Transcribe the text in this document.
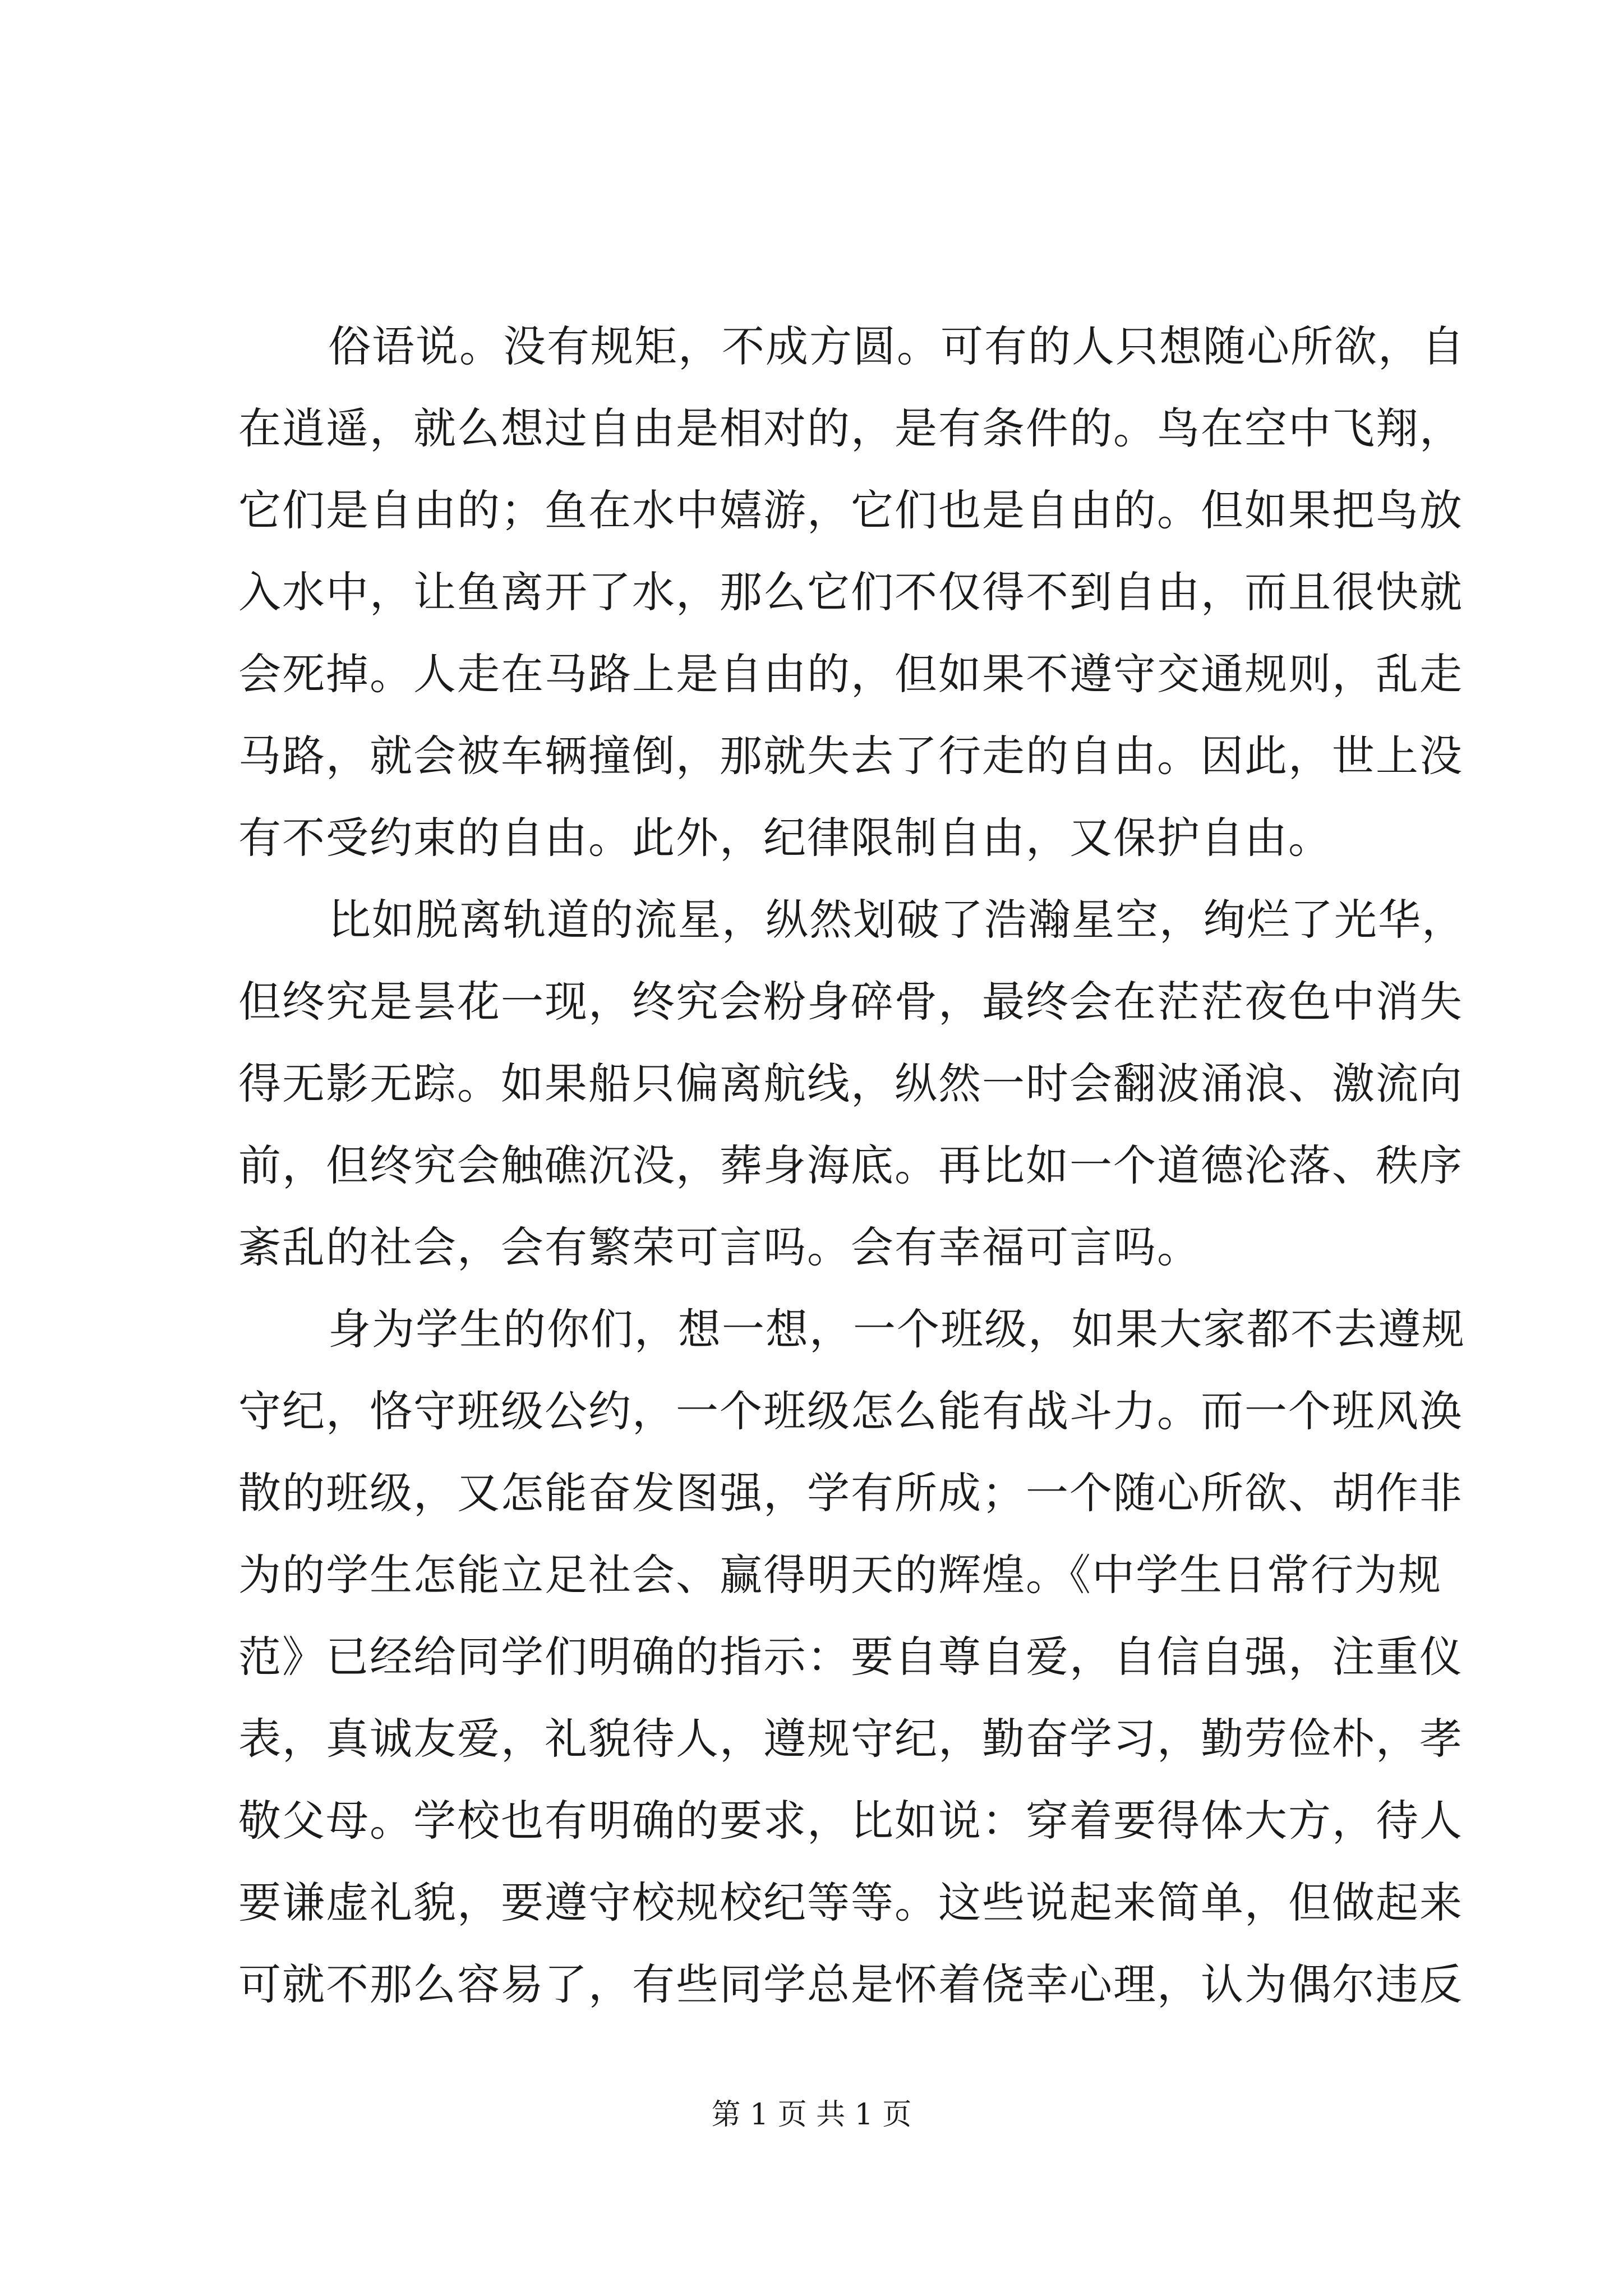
俗语说。没有规矩，不成方圆。可有的人只想随心所欲，自
在逍遥，就么想过自由是相对的，是有条件的。鸟在空中飞翔，
它们是自由的；鱼在水中嬉游，它们也是自由的。但如果把鸟放
入水中，让鱼离开了水，那么它们不仅得不到自由，而且很快就
会死掉。人走在马路上是自由的，但如果不遵守交通规则，乱走
马路，就会被车辆撞倒，那就失去了行走的自由。因此，世上没
有不受约束的自由。此外，纪律限制自由，又保护自由。
比如脱离轨道的流星，纵然划破了浩瀚星空，绚烂了光华，
但终究是昙花一现，终究会粉身碎骨，最终会在茫茫夜色中消失
得无影无踪。如果船只偏离航线，纵然一时会翻波涌浪、激流向
前，但终究会触礁沉没，葬身海底。再比如一个道德沦落、秩序
紊乱的社会，会有繁荣可言吗。会有幸福可言吗。
身为学生的你们，想一想，一个班级，如果大家都不去遵规
守纪，恪守班级公约，一个班级怎么能有战斗力。而一个班风涣
散的班级，又怎能奋发图强，学有所成；一个随心所欲、胡作非
为的学生怎能立足社会、赢得明天的辉煌。《中学生日常行为规
范》已经给同学们明确的指示：要自尊自爱，自信自强，注重仪
表，真诚友爱，礼貌待人，遵规守纪，勤奋学习，勤劳俭朴，孝
敬父母。学校也有明确的要求，比如说：穿着要得体大方，待人
要谦虚礼貌，要遵守校规校纪等等。这些说起来简单，但做起来
可就不那么容易了，有些同学总是怀着侥幸心理，认为偶尔违反
第 1 页 共 1 页
